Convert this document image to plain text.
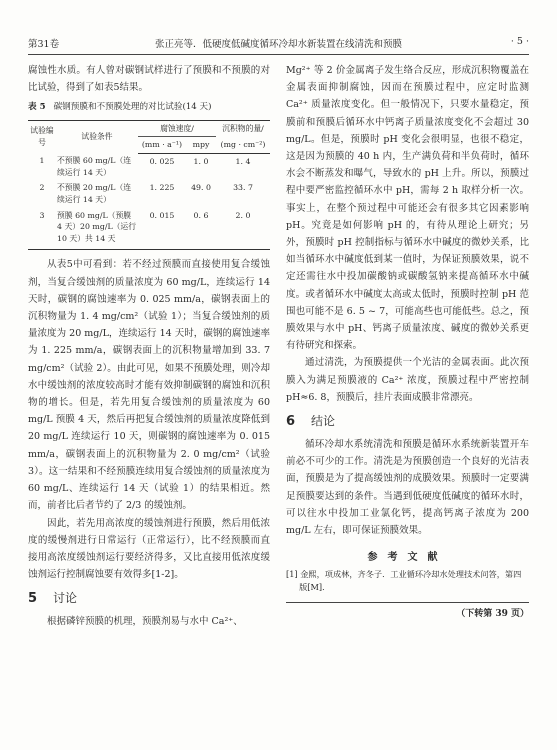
第31卷	张正亮等．低硬度低碱度循环冷却水新装置在线清洗和预膜	· 5 ·

腐蚀性水质。有人曾对碳钢试样进行了预膜和不预膜的对比试验，得到了如表5结果。

表 5 碳钢预膜和不预膜处理的对比试验(14 天)
试验编号	试验条件	腐蚀速度/		沉积物的量/
		(mm · a⁻¹)	mpy	(mg · cm⁻²)
1	不预膜 60 mg/L（连续运行 14 天）	0. 025	1. 0	1. 4
2	不预膜 20 mg/L（连续运行 14 天）	1. 225	49. 0	33. 7
3	预膜 60 mg/L（预膜 4 天）20 mg/L（运行 10 天）共 14 天	0. 015	0. 6	2. 0

从表5中可看到：若不经过预膜而直接使用复合缓蚀剂，当复合缓蚀剂的质量浓度为 60 mg/L，连续运行 14 天时，碳钢的腐蚀速率为 0. 025 mm/a，碳钢表面上的沉积物量为 1. 4 mg/cm²（试验 1）；当复合缓蚀剂的质量浓度为 20 mg/L，连续运行 14 天时，碳钢的腐蚀速率为 1. 225 mm/a，碳钢表面上的沉积物量增加到 33. 7 mg/cm²（试验 2）。由此可见，如果不预膜处理，则冷却水中缓蚀剂的浓度较高时才能有效抑制碳钢的腐蚀和沉积物的增长。但是，若先用复合缓蚀剂的质量浓度为 60 mg/L 预膜 4 天，然后再把复合缓蚀剂的质量浓度降低到 20 mg/L 连续运行 10 天，则碳钢的腐蚀速率为 0. 015 mm/a，碳钢表面上的沉积物量为 2. 0 mg/cm²（试验 3）。这一结果和不经预膜连续用复合缓蚀剂的质量浓度为 60 mg/L、连续运行 14 天（试验 1）的结果相近。然而，前者比后者节约了 2/3 的缓蚀剂。

因此，若先用高浓度的缓蚀剂进行预膜，然后用低浓度的缓慢剂进行日常运行（正常运行），比不经预膜而直接用高浓度缓蚀剂运行要经济得多，又比直接用低浓度缓蚀剂运行控制腐蚀要有效得多[1-2]。

5 讨论

根据磷锌预膜的机理，预膜剂易与水中 Ca²⁺、

Mg²⁺ 等 2 价金属离子发生络合反应，形成沉积物覆盖在金属表面抑制腐蚀，因而在预膜过程中，应定时监测 Ca²⁺ 质量浓度变化。但一般情况下，只要水量稳定，预膜前和预膜后循环水中钙离子质量浓度变化不会超过 30 mg/L。但是，预膜时 pH 变化会很明显，也很不稳定，这是因为预膜的 40 h 内，生产满负荷和半负荷时，循环水会不断蒸发和曝气，导致水的 pH 上升。所以，预膜过程中要严密监控循环水中 pH，需每 2 h 取样分析一次。事实上，在整个预过程中可能还会有很多其它因素影响 pH。究竟是如何影响 pH 的，有待从理论上研究；另外，预膜时 pH 控制指标与循环水中碱度的微妙关系，比如当循环水中碱度低到某一值时，为保证预膜效果，说不定还需往水中投加碳酸钠或碳酸氢钠来提高循环水中碱度。或者循环水中碱度太高或太低时，预膜时控制 pH 范围也可能不是 6. 5 ~ 7，可能高些也可能低些。总之，预膜效果与水中 pH、钙离子质量浓度、碱度的微妙关系更有待研究和探索。

通过清洗，为预膜提供一个光洁的金属表面。此次预膜入为满足预膜液的 Ca²⁺ 浓度，预膜过程中严密控制 pH≈6. 8，预膜后，挂片表面成膜非常漂亮。

6 结论

循环冷却水系统清洗和预膜是循环水系统新装置开车前必不可少的工作。清洗是为预膜创造一个良好的光洁表面，预膜是为了提高缓蚀剂的成膜效果。预膜时一定要满足预膜要达到的条件。当遇到低硬度低碱度的循环水时，可以往水中投加工业氯化钙，提高钙离子浓度为 200 mg/L 左右，即可保证预膜效果。

参考文献

[1] 金熙，项成林，齐冬子．工业循环冷却水处理技术问答，第四版[M]．

（下转第 39 页）
